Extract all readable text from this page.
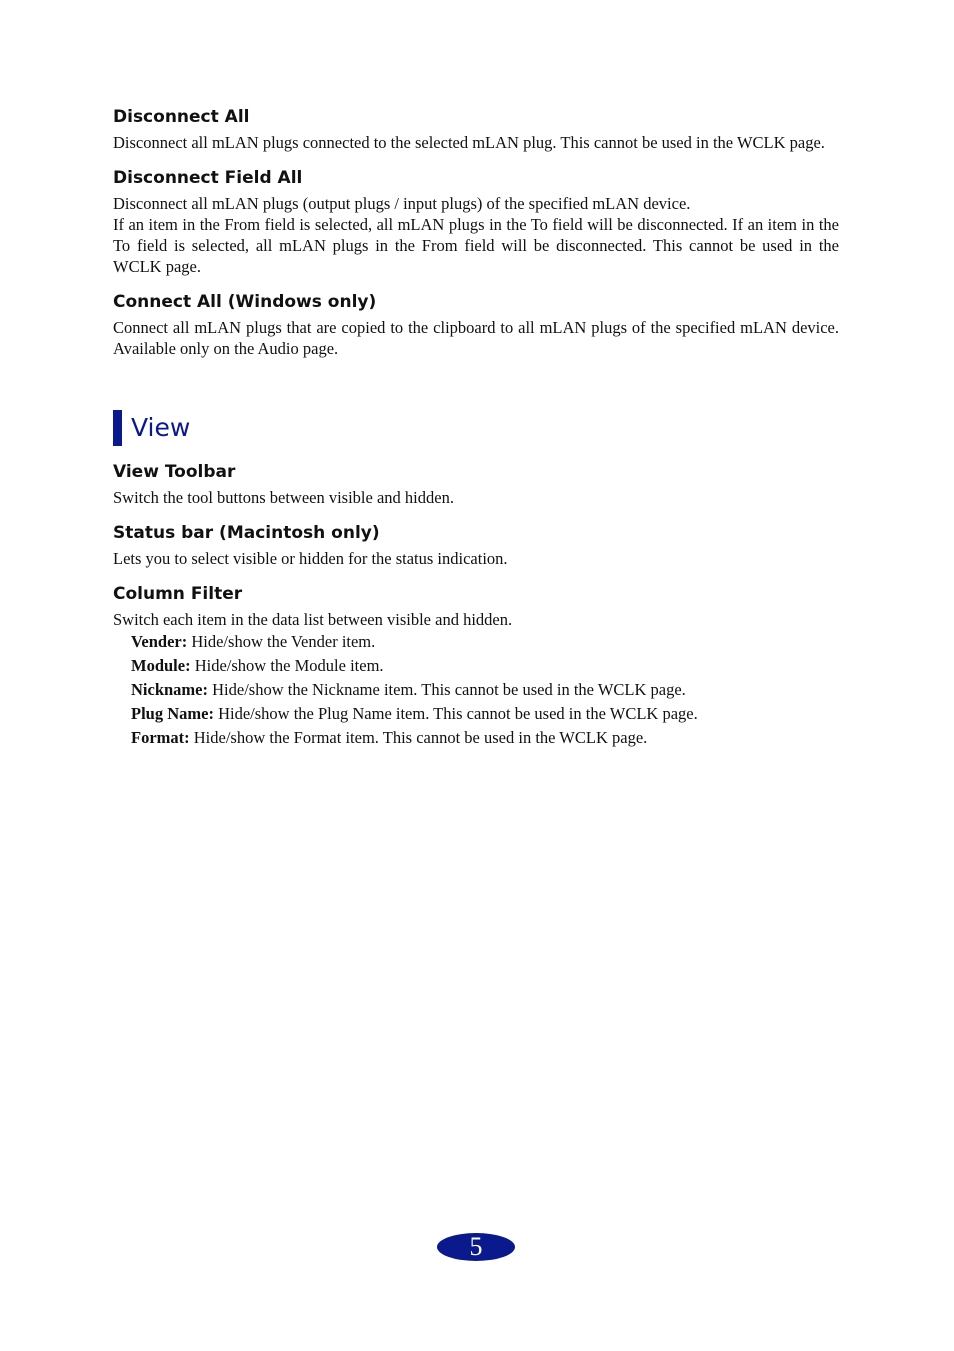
Disconnect All

Disconnect all mLAN plugs connected to the selected mLAN plug. This cannot be used in the WCLK page.

Disconnect Field All

Disconnect all mLAN plugs (output plugs / input plugs) of the specified mLAN device.

If an item in the From field is selected, all mLAN plugs in the To field will be disconnected. If an item in the To field is selected, all mLAN plugs in the From field will be disconnected. This cannot be used in the WCLK page.

Connect All (Windows only)

Connect all mLAN plugs that are copied to the clipboard to all mLAN plugs of the specified mLAN device. Available only on the Audio page.

View
View Toolbar

Switch the tool buttons between visible and hidden.

Status bar (Macintosh only)

Lets you to select visible or hidden for the status indication.

Column Filter

Switch each item in the data list between visible and hidden.

Vender: Hide/show the Vender item.
Module: Hide/show the Module item.
Nickname: Hide/show the Nickname item. This cannot be used in the WCLK page.
Plug Name: Hide/show the Plug Name item. This cannot be used in the WCLK page.
Format: Hide/show the Format item. This cannot be used in the WCLK page.
5
